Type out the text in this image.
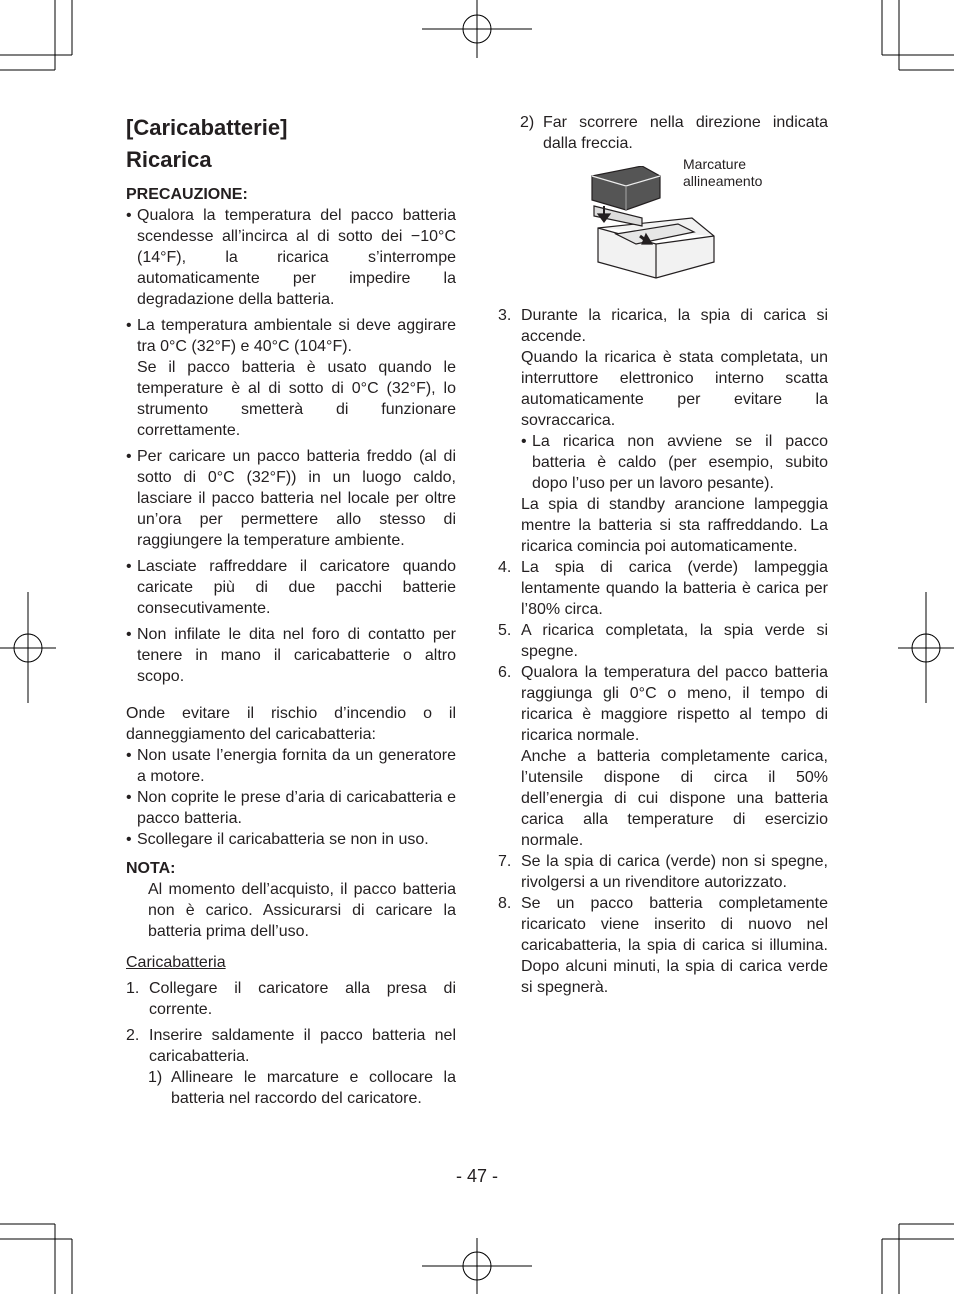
[Caricabatterie]
Ricarica
PRECAUZIONE:
• Qualora la temperatura del pacco batteria scendesse all’incirca al di sotto dei −10°C (14°F), la ricarica s’interrompe automaticamente per impedire la degradazione della batteria.
• La temperatura ambientale si deve aggirare tra 0°C (32°F) e 40°C (104°F).
Se il pacco batteria è usato quando le temperature è al di sotto di 0°C (32°F), lo strumento smetterà di funzionare correttamente.
• Per caricare un pacco batteria freddo (al di sotto di 0°C (32°F)) in un luogo caldo, lasciare il pacco batteria nel locale per oltre un’ora per permettere allo stesso di raggiungere la temperature ambiente.
• Lasciate raffreddare il caricatore quando caricate più di due pacchi batterie consecutivamente.
• Non infilate le dita nel foro di contatto per tenere in mano il caricabatterie o altro scopo.

Onde evitare il rischio d’incendio o il danneggiamento del caricabatteria:

• Non usate l’energia fornita da un generatore a motore.
• Non coprite le prese d’aria di caricabatteria e pacco batteria.
• Scollegare il caricabatteria se non in uso.
NOTA:

Al momento dell’acquisto, il pacco batteria non è carico. Assicurarsi di caricare la batteria prima dell’uso.

Caricabatteria
1. Collegare il caricatore alla presa di corrente.
2. Inserire saldamente il pacco batteria nel caricabatteria.
1) Allineare le marcature e collocare la batteria nel raccordo del caricatore.
2) Far scorrere nella direzione indicata dalla freccia.
Marcature allineamento
3. Durante la ricarica, la spia di carica si accende.
Quando la ricarica è stata completata, un interruttore elettronico interno scatta automaticamente per evitare la sovraccarica.
• La ricarica non avviene se il pacco batteria è caldo (per esempio, subito dopo l’uso per un lavoro pesante).

La spia di standby arancione lampeggia mentre la batteria si sta raffreddando. La ricarica comincia poi automaticamente.

4. La spia di carica (verde) lampeggia lentamente quando la batteria è carica per l’80% circa.
5. A ricarica completata, la spia verde si spegne.
6. Qualora la temperatura del pacco batteria raggiunga gli 0°C o meno, il tempo di ricarica è maggiore rispetto al tempo di ricarica normale.
Anche a batteria completamente carica, l’utensile dispone di circa il 50% dell’energia di cui dispone una batteria carica alla temperature di esercizio normale.
7. Se la spia di carica (verde) non si spegne, rivolgersi a un rivenditore autorizzato.
8. Se un pacco batteria completamente ricaricato viene inserito di nuovo nel caricabatteria, la spia di carica si illumina. Dopo alcuni minuti, la spia di carica verde si spegnerà.
- 47 -
